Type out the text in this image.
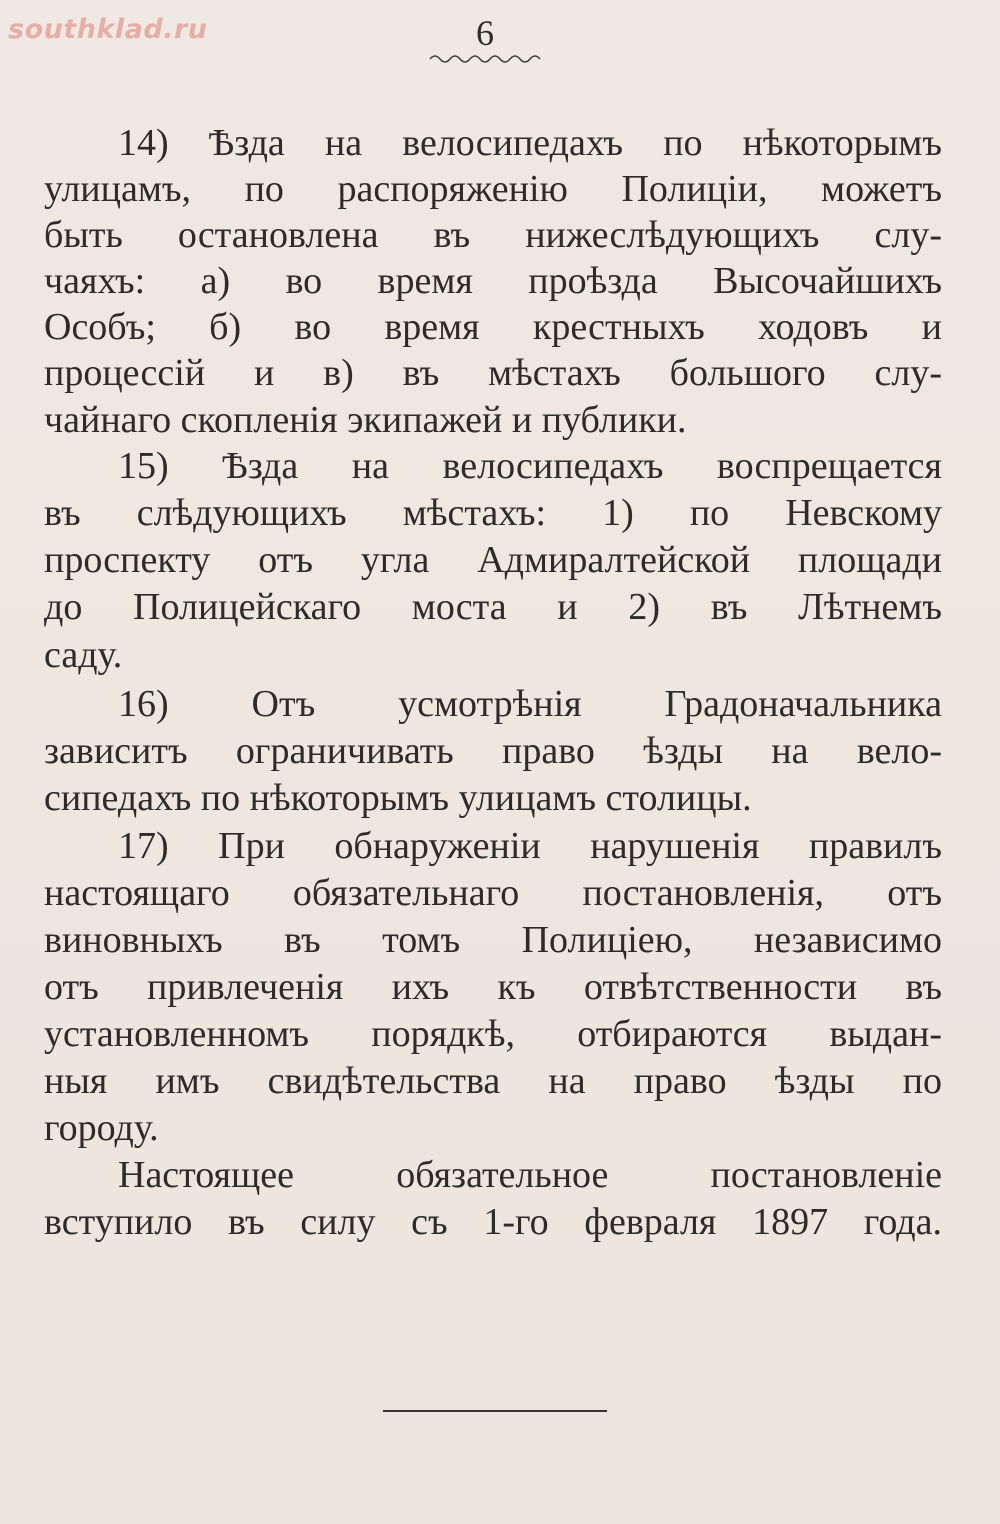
southklad.ru	6
14) Ѣзда на велосипедахъ по нѣкоторымъ
улицамъ, по распоряженію Полиціи, можетъ
быть остановлена въ нижеслѣдующихъ слу-
чаяхъ: а) во время проѣзда Высочайшихъ
Особъ; б) во время крестныхъ ходовъ и
процессій и в) въ мѣстахъ большого слу-
чайнаго скопленія экипажей и публики.
15) Ѣзда на велосипедахъ воспрещается
въ слѣдующихъ мѣстахъ: 1) по Невскому
проспекту отъ угла Адмиралтейской площади
до Полицейскаго моста и 2) въ Лѣтнемъ
саду.
16) Отъ усмотрѣнія Градоначальника
зависитъ ограничивать право ѣзды на вело-
сипедахъ по нѣкоторымъ улицамъ столицы.
17) При обнаруженіи нарушенія правилъ
настоящаго обязательнаго постановленія, отъ
виновныхъ въ томъ Полиціею, независимо
отъ привлеченія ихъ къ отвѣтственности въ
установленномъ порядкѣ, отбираются выдан-
ныя имъ свидѣтельства на право ѣзды по
городу.
Настоящее обязательное постановленіе
вступило въ силу съ 1-го февраля 1897 года.
